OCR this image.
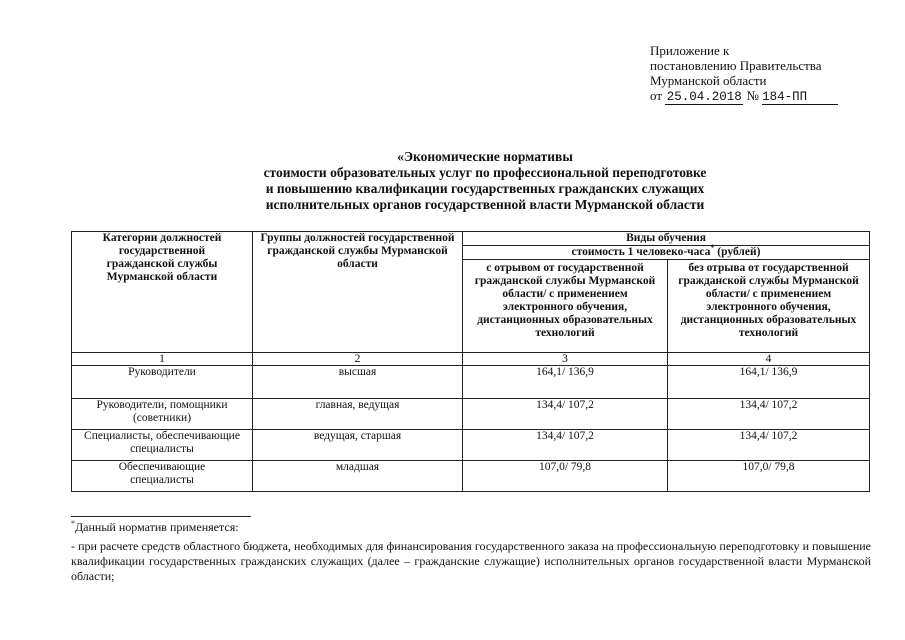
Приложение к
постановлению Правительства
Мурманской области
от 25.04.2018 № 184-ПП
«Экономические нормативы
стоимости образовательных услуг по профессиональной переподготовке
и повышению квалификации государственных гражданских служащих
исполнительных органов государственной власти Мурманской области
Категории должностей государственной гражданской службы Мурманской области	Группы должностей государственной гражданской службы Мурманской области	Виды обучения	
		стоимость 1 человеко-часа* (рублей)	
		с отрывом от государственной гражданской службы Мурманской области/ с применением электронного обучения, дистанционных образовательных технологий	без отрыва от государственной гражданской службы Мурманской области/ с применением электронного обучения, дистанционных образовательных технологий
1	2	3	4
Руководители	высшая	164,1/ 136,9	164,1/ 136,9
Руководители, помощники (советники)	главная, ведущая	134,4/ 107,2	134,4/ 107,2
Специалисты, обеспечивающие специалисты	ведущая, старшая	134,4/ 107,2	134,4/ 107,2
Обеспечивающие специалисты	младшая	107,0/ 79,8	107,0/ 79,8

*Данный норматив применяется:

- при расчете средств областного бюджета, необходимых для финансирования государственного заказа на профессиональную переподготовку и повышение квалификации государственных гражданских служащих (далее – гражданские служащие) исполнительных органов государственной власти Мурманской области;
